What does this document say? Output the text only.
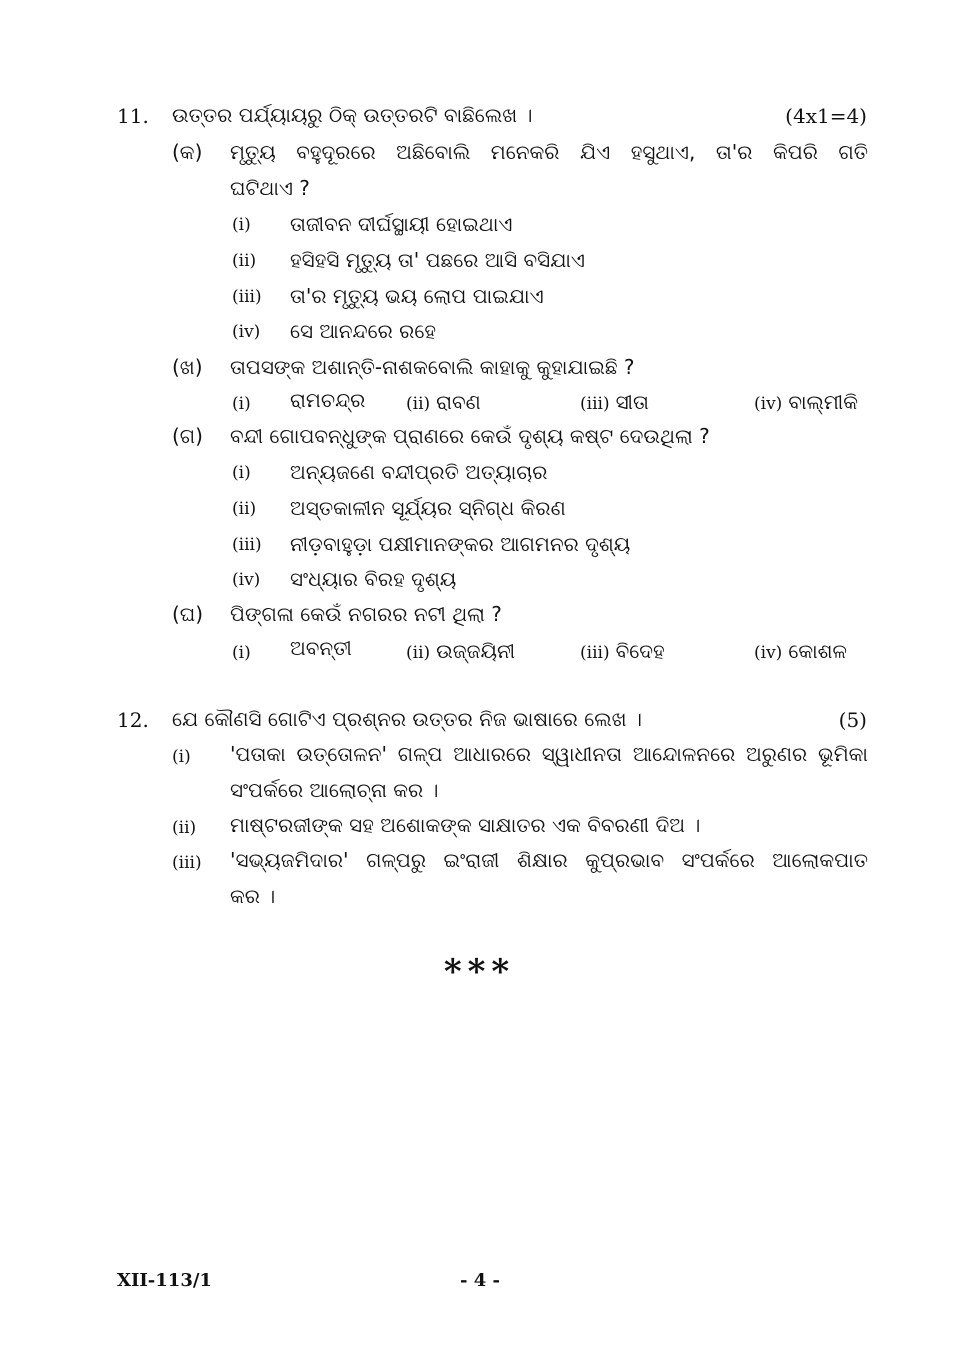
11. ଉତ୍ତର ପର୍ଯ୍ୟାୟରୁ ଠିକ୍ ଉତ୍ତରଟି ବାଛିଲେଖ ।	(4x1=4)
(କ) ମୃତ୍ୟୁ ବହୁଦୂରରେ ଅଛିବୋଲି ମନେକରି ଯିଏ ହସୁଥାଏ, ତା'ର କିପରି ଗତି
ଘଟିଥାଏ ?
(i) ତାଜୀବନ ଦୀର୍ଘସ୍ଥାୟୀ ହୋଇଥାଏ
(ii) ହସିହସି ମୃତ୍ୟୁ ତା' ପଛରେ ଆସି ବସିଯାଏ
(iii) ତା'ର ମୃତ୍ୟୁ ଭୟ ଲୋପ ପାଇଯାଏ
(iv) ସେ ଆନନ୍ଦରେ ରହେ
(ଖ) ତାପସଙ୍କ ଅଶାନ୍ତି-ନାଶକବୋଲି କାହାକୁ କୁହାଯାଇଛି ?
(i)	ରାମଚନ୍ଦ୍ର (ii) ରାବଣ	(iii) ସୀତା	(iv) ବାଲ୍ମୀକି
(ଗ) ବନ୍ଦୀ ଗୋପବନ୍ଧୁଙ୍କ ପ୍ରାଣରେ କେଉଁ ଦୃଶ୍ୟ କଷ୍ଟ ଦେଉଥିଲା ?
(i) ଅନ୍ୟଜଣେ ବନ୍ଦୀପ୍ରତି ଅତ୍ୟାଚାର
(ii) ଅସ୍ତକାଳୀନ ସୂର୍ଯ୍ୟର ସ୍ନିଗ୍ଧ କିରଣ
(iii) ନୀଡ଼ବାହୁଡ଼ା ପକ୍ଷୀମାନଙ୍କର ଆଗମନର ଦୃଶ୍ୟ
(iv) ସଂଧ୍ୟାର ବିରହ ଦୃଶ୍ୟ
(ଘ) ପିଙ୍ଗଳା କେଉଁ ନଗରର ନଟୀ ଥିଲା ?
(i)	ଅବନ୍ତୀ	(ii) ଉଜ୍ଜୟିନୀ	(iii) ବିଦେହ	(iv) କୋଶଳ
12. ଯେ କୌଣସି ଗୋଟିଏ ପ୍ରଶ୍ନର ଉତ୍ତର ନିଜ ଭାଷାରେ ଲେଖ ।	(5)
(i) 'ପତାକା ଉତ୍ତୋଳନ' ଗଳ୍ପ ଆଧାରରେ ସ୍ୱାଧୀନତା ଆନ୍ଦୋଳନରେ ଅରୁଣର ଭୂମିକା
ସଂପର୍କରେ ଆଲୋଚ୍ନା କର ।
(ii) ମାଷ୍ଟରଜୀଙ୍କ ସହ ଅଶୋକଙ୍କ ସାକ୍ଷାତର ଏକ ବିବରଣୀ ଦିଅ ।
(iii) 'ସଭ୍ୟଜମିଦାର' ଗଳ୍ପରୁ ଇଂରାଜୀ ଶିକ୍ଷାର କୁପ୍ରଭାବ ସଂପର୍କରେ ଆଲୋକପାତ
କର ।
***
XII-113/1	- 4 -
